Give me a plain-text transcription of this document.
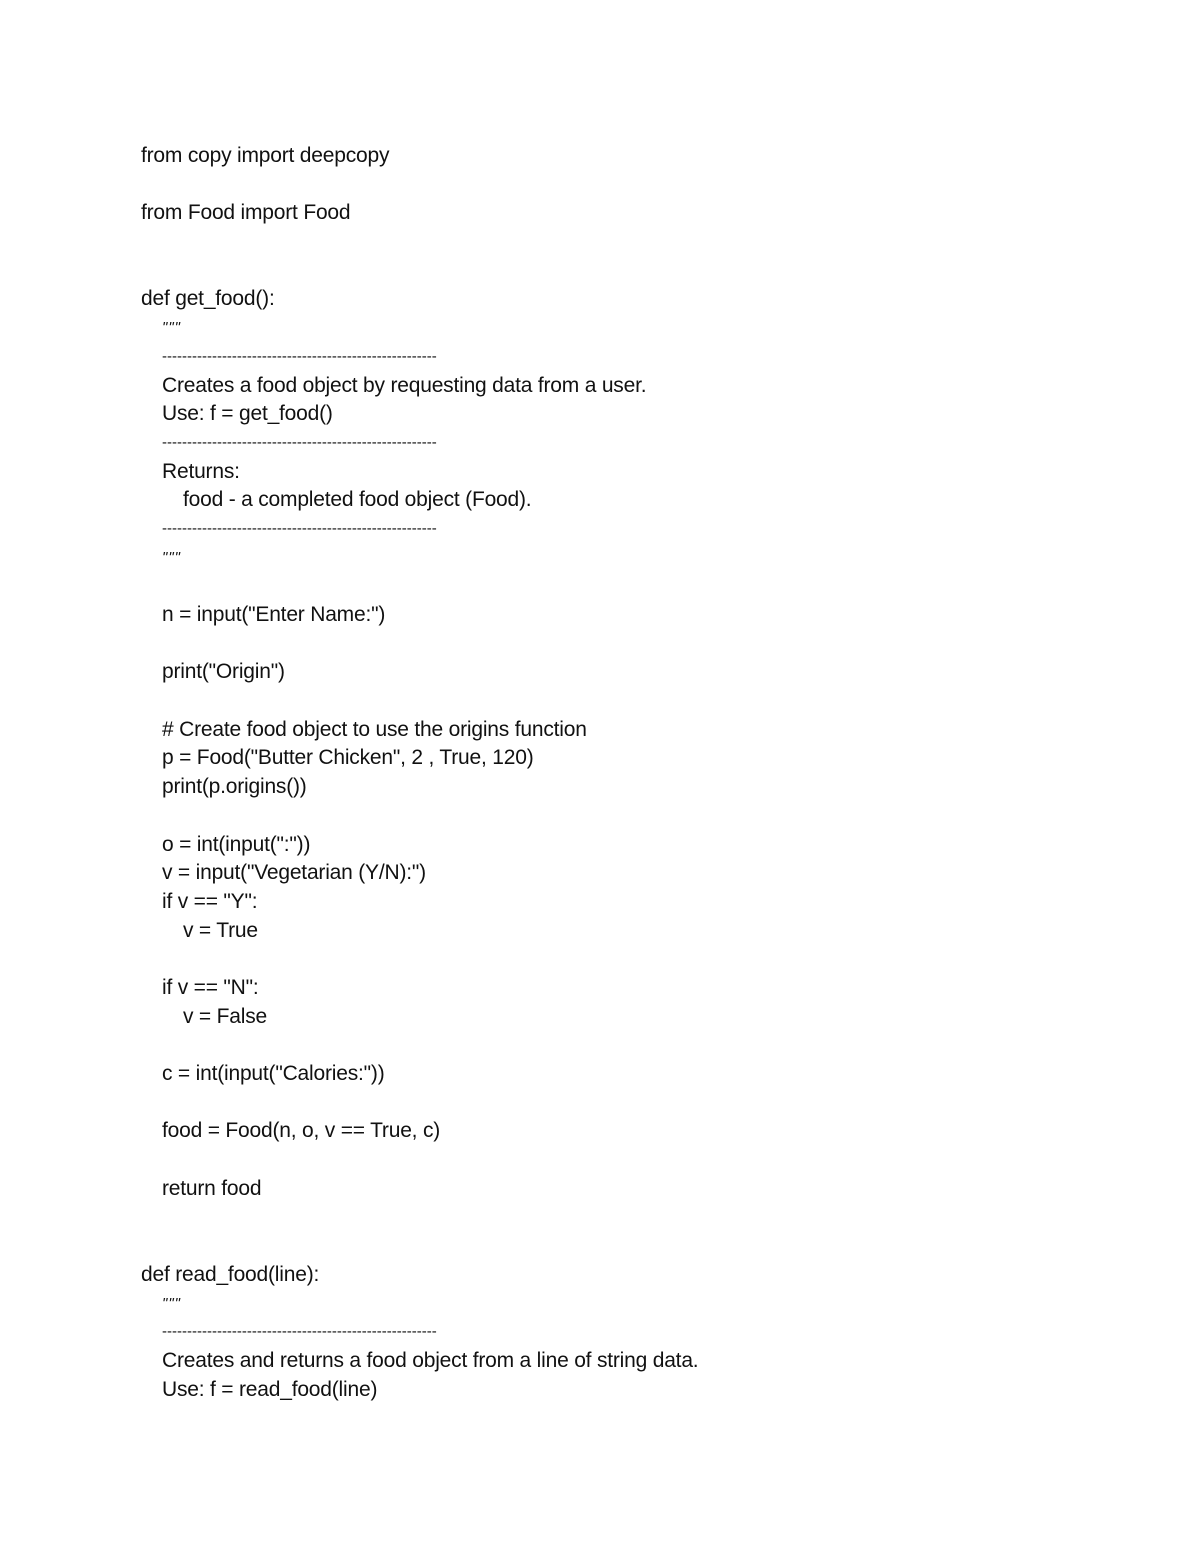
from copy import deepcopy
from Food import Food
def get_food():
"""
-------------------------------------------------------
Creates a food object by requesting data from a user.
Use: f = get_food()
-------------------------------------------------------
Returns:
food - a completed food object (Food).
-------------------------------------------------------
"""
n = input("Enter Name:")
print("Origin")
# Create food object to use the origins function
p = Food("Butter Chicken", 2 , True, 120)
print(p.origins())
o = int(input(":"))
v = input("Vegetarian (Y/N):")
if v == "Y":
v = True
if v == "N":
v = False
c = int(input("Calories:"))
food = Food(n, o, v == True, c)
return food
def read_food(line):
"""
-------------------------------------------------------
Creates and returns a food object from a line of string data.
Use: f = read_food(line)
